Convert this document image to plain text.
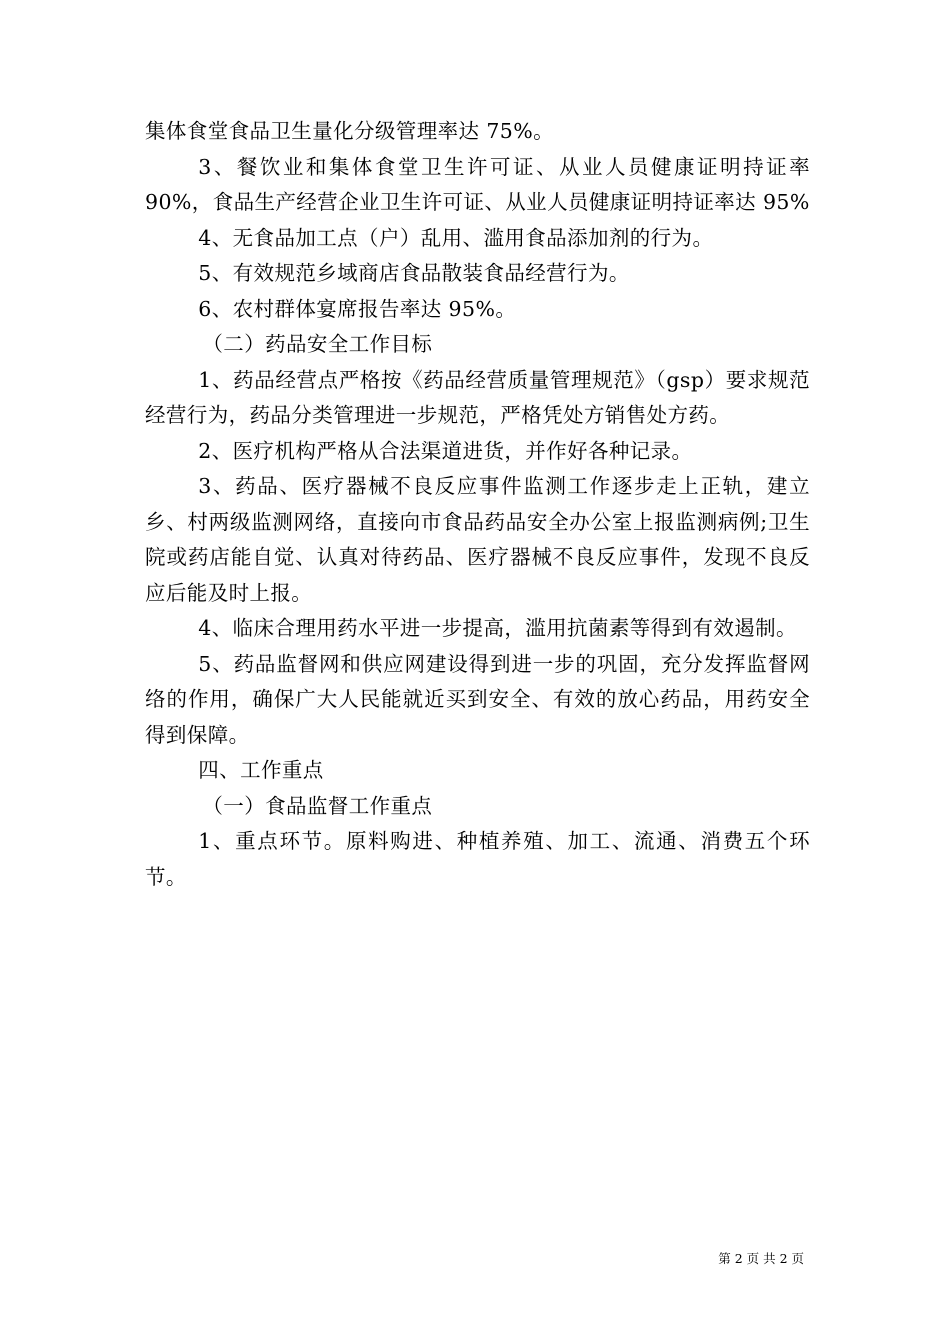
集体食堂食品卫生量化分级管理率达 75%。

3、餐饮业和集体食堂卫生许可证、从业人员健康证明持证率 90%，食品生产经营企业卫生许可证、从业人员健康证明持证率达 95%

4、无食品加工点（户）乱用、滥用食品添加剂的行为。

5、有效规范乡域商店食品散装食品经营行为。

6、农村群体宴席报告率达 95%。

（二）药品安全工作目标

1、药品经营点严格按《药品经营质量管理规范》（gsp）要求规范经营行为，药品分类管理进一步规范，严格凭处方销售处方药。

2、医疗机构严格从合法渠道进货，并作好各种记录。

3、药品、医疗器械不良反应事件监测工作逐步走上正轨，建立乡、村两级监测网络，直接向市食品药品安全办公室上报监测病例;卫生院或药店能自觉、认真对待药品、医疗器械不良反应事件，发现不良反应后能及时上报。

4、临床合理用药水平进一步提高，滥用抗菌素等得到有效遏制。

5、药品监督网和供应网建设得到进一步的巩固，充分发挥监督网络的作用，确保广大人民能就近买到安全、有效的放心药品，用药安全得到保障。

四、工作重点

（一）食品监督工作重点

1、重点环节。原料购进、种植养殖、加工、流通、消费五个环节。

第 2 页 共 2 页
